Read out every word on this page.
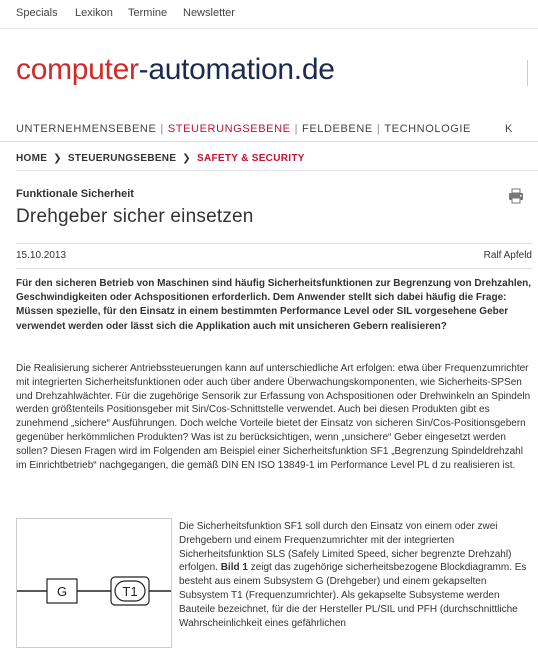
Specials Lexikon Termine Newsletter
computer-automation.de
UNTERNEHMENSEBENE | STEUERUNGSEBENE | FELDEBENE | TECHNOLOGIE	K
HOME ❯ STEUERUNGSEBENE ❯ SAFETY & SECURITY
Funktionale Sicherheit
Drehgeber sicher einsetzen
15.10.2013	Ralf Apfeld

Für den sicheren Betrieb von Maschinen sind häufig Sicherheitsfunktionen zur Begrenzung von Drehzahlen, Geschwindigkeiten oder Achspositionen erforderlich. Dem Anwender stellt sich dabei häufig die Frage: Müssen spezielle, für den Einsatz in einem bestimmten Performance Level oder SIL vorgesehene Geber verwendet werden oder lässt sich die Applikation auch mit unsicheren Gebern realisieren?

Die Realisierung sicherer Antriebssteuerungen kann auf unterschiedliche Art erfolgen: etwa über Frequenzumrichter mit integrierten Sicherheitsfunktionen oder auch über andere Überwachungskomponenten, wie Sicherheits-SPSen und Drehzahlwächter. Für die zugehörige Sensorik zur Erfassung von Achspositionen oder Drehwinkeln an Spindeln werden größtenteils Positionsgeber mit Sin/Cos-Schnittstelle verwendet. Auch bei diesen Produkten gibt es zunehmend „sichere“ Ausführungen. Doch welche Vorteile bietet der Einsatz von sicheren Sin/Cos-Positionsgebern gegenüber herkömmlichen Produkten? Was ist zu berücksichtigen, wenn „unsichere“ Geber eingesetzt werden sollen? Diesen Fragen wird im Folgenden am Beispiel einer Sicherheitsfunktion SF1 „Begrenzung Spindeldrehzahl im Einrichtbetrieb“ nachgegangen, die gemäß DIN EN ISO 13849-1 im Performance Level PL d zu realisieren ist.

G	T1

Die Sicherheitsfunktion SF1 soll durch den Einsatz von einem oder zwei Drehgebern und einem Frequenzumrichter mit der integrierten Sicherheitsfunktion SLS (Safely Limited Speed, sicher begrenzte Drehzahl) erfolgen. Bild 1 zeigt das zugehörige sicherheitsbezogene Blockdiagramm. Es besteht aus einem Subsystem G (Drehgeber) und einem gekapselten Subsystem T1 (Frequenzumrichter). Als gekapselte Subsysteme werden Bauteile bezeichnet, für die der Hersteller PL/SIL und PFH (durchschnittliche Wahrscheinlichkeit eines gefährlichen
